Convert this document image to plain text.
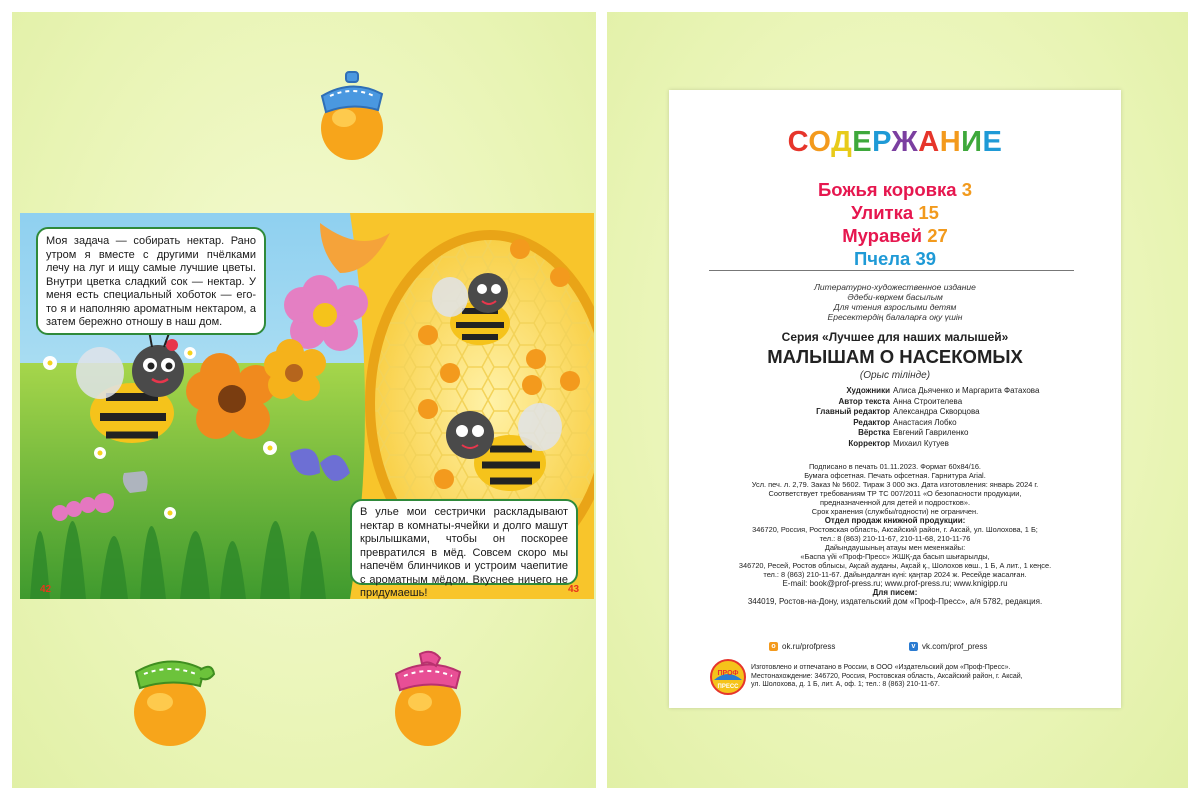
Моя задача — собирать нектар. Рано утром я вместе с другими пчёлками лечу на луг и ищу самые лучшие цветы. Внутри цветка сладкий сок — нектар. У меня есть специальный хоботок — его-то я и наполняю ароматным нектаром, а затем бережно отношу в наш дом.

В улье мои сестрички раскладывают нектар в комнаты-ячейки и долго машут крылышками, чтобы он поскорее превратился в мёд. Совсем скоро мы напечём блинчиков и устроим чаепитие с ароматным мёдом. Вкуснее ничего не придумаешь!

42	43
СОДЕРЖАНИЕ
Божья коровка 3
Улитка 15
Муравей 27
Пчела 39
Литературно-художественное издание
Әдеби-көркем басылым
Для чтения взрослыми детям
Ересектердің балаларға оқу үшін
Серия «Лучшее для наших малышей»
МАЛЫШАМ О НАСЕКОМЫХ
(Орыс тілінде)
Художники Алиса Дьяченко и Маргарита Фатахова
Автор текста Анна Строителева
Главный редактор Александра Скворцова
Редактор Анастасия Лобко
Вёрстка Евгений Гавриленко
Корректор Михаил Кутуев
Подписано в печать 01.11.2023. Формат 60x84/16.
Бумага офсетная. Печать офсетная. Гарнитура Arial.
Усл. печ. л. 2,79. Заказ № 5602. Тираж 3 000 экз. Дата изготовления: январь 2024 г.
Соответствует требованиям ТР ТС 007/2011 «О безопасности продукции,
предназначенной для детей и подростков».
Срок хранения (службы/годности) не ограничен.
Отдел продаж книжной продукции:
346720, Россия, Ростовская область, Аксайский район, г. Аксай, ул. Шолохова, 1 Б;
тел.: 8 (863) 210-11-67, 210-11-68, 210-11-76
Дайындаушының атауы мен мекенжайы:
«Баспа үйі «Проф-Пресс» ЖШҚ-да басып шығарылды,
346720, Ресей, Ростов облысы, Ақсай ауданы, Ақсай қ., Шолохов көш., 1 Б, А лит., 1 кеңсе.
тел.: 8 (863) 210-11-67. Дайындалған күні: қаңтар 2024 ж. Ресейде жасалған.
E-mail: book@prof-press.ru; www.prof-press.ru; www.knigipp.ru
Для писем:
344019, Ростов-на-Дону, издательский дом «Проф-Пресс», а/я 5782, редакция.
о ok.ru/profpress	v vk.com/prof_press
ПРОФ
ПРЕСС
Изготовлено и отпечатано в России, в ООО «Издательский дом «Проф-Пресс».
Местонахождение: 346720, Россия, Ростовская область, Аксайский район, г. Аксай,
ул. Шолохова, д. 1 Б, лит. А, оф. 1; тел.: 8 (863) 210-11-67.
